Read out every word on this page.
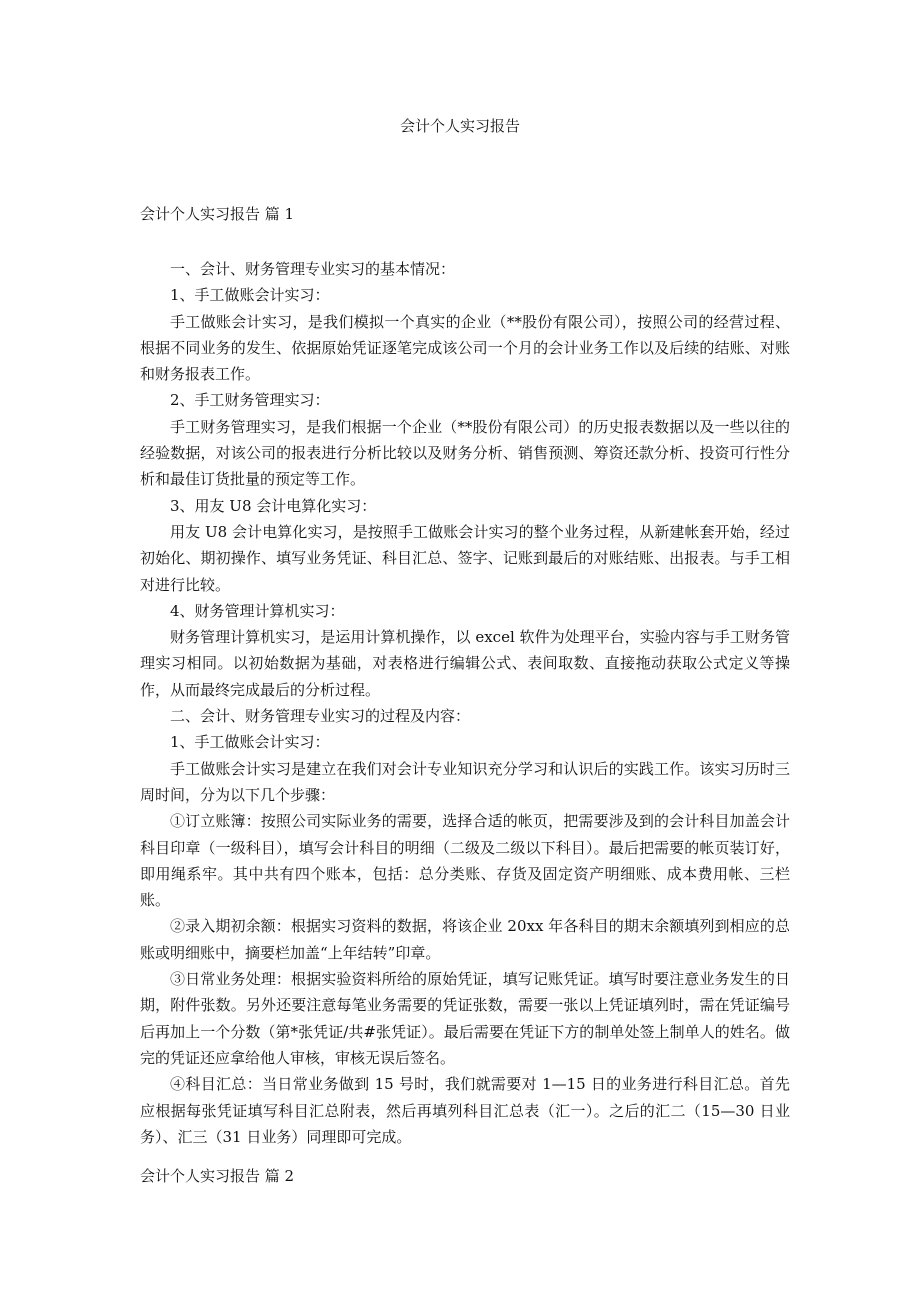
会计个人实习报告
会计个人实习报告 篇 1

一、会计、财务管理专业实习的基本情况：

1、手工做账会计实习：

手工做账会计实习，是我们模拟一个真实的企业（**股份有限公司），按照公司的经营过程、根据不同业务的发生、依据原始凭证逐笔完成该公司一个月的会计业务工作以及后续的结账、对账和财务报表工作。

2、手工财务管理实习：

手工财务管理实习，是我们根据一个企业（**股份有限公司）的历史报表数据以及一些以往的经验数据，对该公司的报表进行分析比较以及财务分析、销售预测、筹资还款分析、投资可行性分析和最佳订货批量的预定等工作。

3、用友 U8 会计电算化实习：

用友 U8 会计电算化实习，是按照手工做账会计实习的整个业务过程，从新建帐套开始，经过初始化、期初操作、填写业务凭证、科目汇总、签字、记账到最后的对账结账、出报表。与手工相对进行比较。

4、财务管理计算机实习：

财务管理计算机实习，是运用计算机操作，以 excel 软件为处理平台，实验内容与手工财务管理实习相同。以初始数据为基础，对表格进行编辑公式、表间取数、直接拖动获取公式定义等操作，从而最终完成最后的分析过程。

二、会计、财务管理专业实习的过程及内容：

1、手工做账会计实习：

手工做账会计实习是建立在我们对会计专业知识充分学习和认识后的实践工作。该实习历时三周时间，分为以下几个步骤：

①订立账簿：按照公司实际业务的需要，选择合适的帐页，把需要涉及到的会计科目加盖会计科目印章（一级科目），填写会计科目的明细（二级及二级以下科目）。最后把需要的帐页装订好，即用绳系牢。其中共有四个账本，包括：总分类账、存货及固定资产明细账、成本费用帐、三栏账。

②录入期初余额：根据实习资料的数据，将该企业 20xx 年各科目的期末余额填列到相应的总账或明细账中，摘要栏加盖“上年结转”印章。

③日常业务处理：根据实验资料所给的原始凭证，填写记账凭证。填写时要注意业务发生的日期，附件张数。另外还要注意每笔业务需要的凭证张数，需要一张以上凭证填列时，需在凭证编号后再加上一个分数（第*张凭证/共#张凭证）。最后需要在凭证下方的制单处签上制单人的姓名。做完的凭证还应拿给他人审核，审核无误后签名。

④科目汇总：当日常业务做到 15 号时，我们就需要对 1—15 日的业务进行科目汇总。首先应根据每张凭证填写科目汇总附表，然后再填列科目汇总表（汇一）。之后的汇二（15—30 日业务）、汇三（31 日业务）同理即可完成。

会计个人实习报告 篇 2
